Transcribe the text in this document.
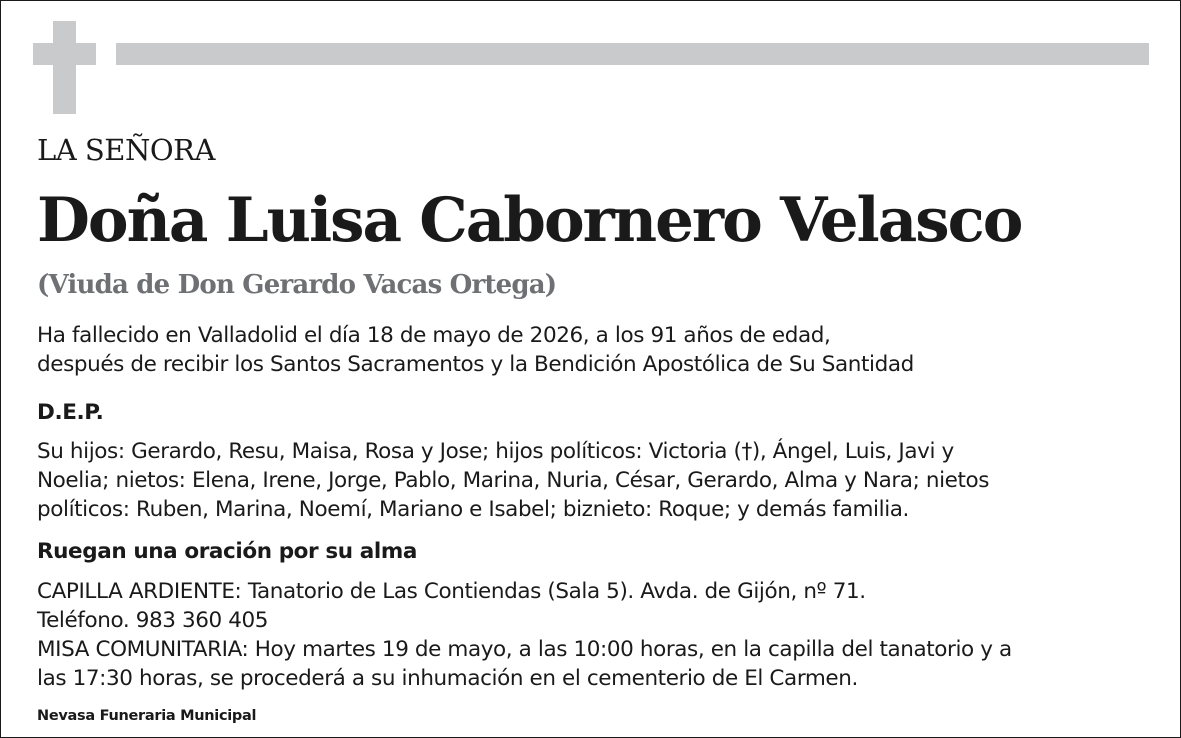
LA SEÑORA
Doña Luisa Cabornero Velasco
(Viuda de Don Gerardo Vacas Ortega)
Ha fallecido en Valladolid el día 18 de mayo de 2026, a los 91 años de edad,
después de recibir los Santos Sacramentos y la Bendición Apostólica de Su Santidad
D.E.P.
Su hijos: Gerardo, Resu, Maisa, Rosa y Jose; hijos políticos: Victoria (†), Ángel, Luis, Javi y
Noelia; nietos: Elena, Irene, Jorge, Pablo, Marina, Nuria, César, Gerardo, Alma y Nara; nietos
políticos: Ruben, Marina, Noemí, Mariano e Isabel; biznieto: Roque; y demás familia.
Ruegan una oración por su alma
CAPILLA ARDIENTE: Tanatorio de Las Contiendas (Sala 5). Avda. de Gijón, nº 71.
Teléfono. 983 360 405
MISA COMUNITARIA: Hoy martes 19 de mayo, a las 10:00 horas, en la capilla del tanatorio y a
las 17:30 horas, se procederá a su inhumación en el cementerio de El Carmen.
Nevasa Funeraria Municipal
